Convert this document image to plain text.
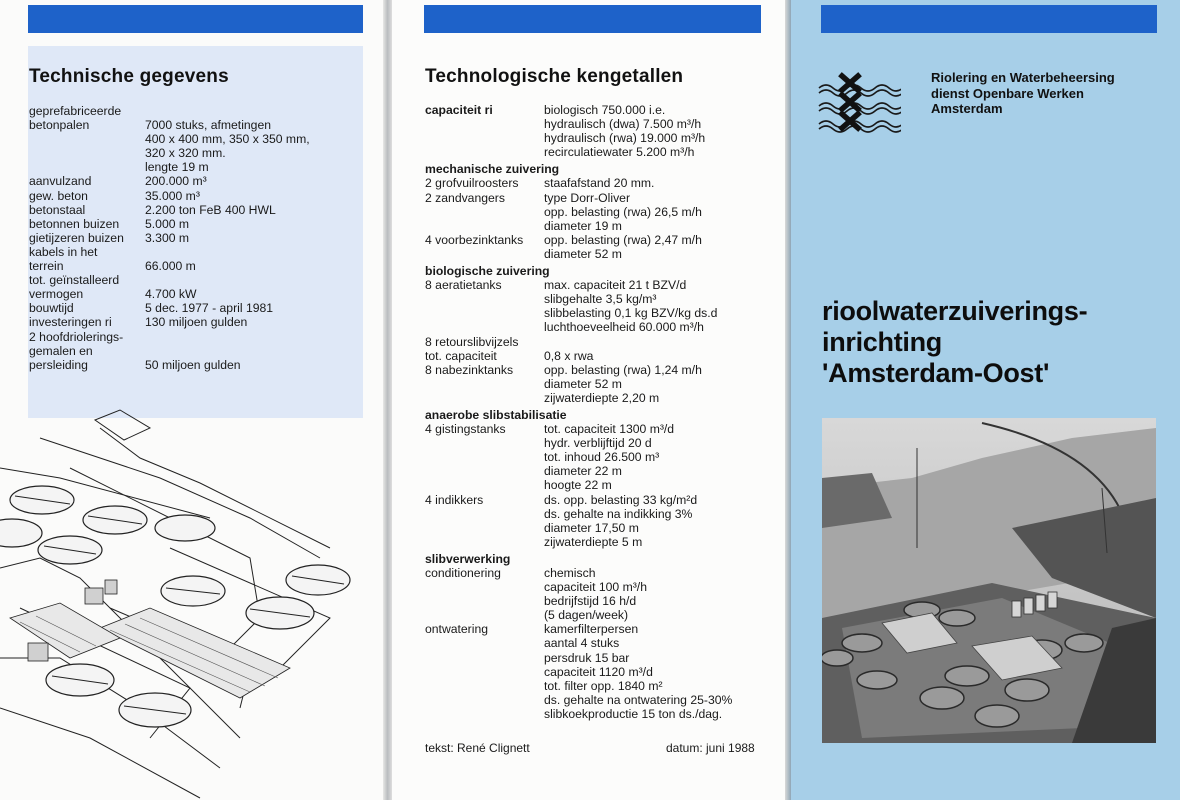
Technische gegevens
geprefabriceerde
betonpalen	7000 stuks, afmetingen
400 x 400 mm, 350 x 350 mm,
320 x 320 mm.
lengte 19 m
aanvulzand	200.000 m³
gew. beton	35.000 m³
betonstaal	2.200 ton FeB 400 HWL
betonnen buizen	5.000 m
gietijzeren buizen	3.300 m
kabels in het
terrein	66.000 m
tot. geïnstalleerd
vermogen	4.700 kW
bouwtijd	5 dec. 1977 - april 1981
investeringen ri	130 miljoen gulden
2 hoofdriolerings-
gemalen en
persleiding	50 miljoen gulden
Technologische kengetallen
capaciteit ri	biologisch 750.000 i.e.
hydraulisch (dwa) 7.500 m³/h
hydraulisch (rwa) 19.000 m³/h
recirculatiewater 5.200 m³/h
mechanische zuivering
2 grofvuilroosters	staafafstand 20 mm.
2 zandvangers	type Dorr-Oliver
opp. belasting (rwa) 26,5 m/h
diameter 19 m
4 voorbezinktanks	opp. belasting (rwa) 2,47 m/h
diameter 52 m
biologische zuivering
8 aeratietanks	max. capaciteit 21 t BZV/d
slibgehalte 3,5 kg/m³
slibbelasting 0,1 kg BZV/kg ds.d
luchthoeveelheid 60.000 m³/h
8 retourslibvijzels
tot. capaciteit	0,8 x rwa
8 nabezinktanks	opp. belasting (rwa) 1,24 m/h
diameter 52 m
zijwaterdiepte 2,20 m
anaerobe slibstabilisatie
4 gistingstanks	tot. capaciteit 1300 m³/d
hydr. verblijftijd 20 d
tot. inhoud 26.500 m³
diameter 22 m
hoogte 22 m
4 indikkers	ds. opp. belasting 33 kg/m²d
ds. gehalte na indikking 3%
diameter 17,50 m
zijwaterdiepte 5 m
slibverwerking
conditionering	chemisch
capaciteit 100 m³/h
bedrijfstijd 16 h/d
(5 dagen/week)
ontwatering	kamerfilterpersen
aantal 4 stuks
persdruk 15 bar
capaciteit 1120 m³/d
tot. filter opp. 1840 m²
ds. gehalte na ontwatering 25-30%
slibkoekproductie 15 ton ds./dag.
tekst: René Clignett	datum: juni 1988
Riolering en Waterbeheersing
dienst Openbare Werken
Amsterdam
rioolwaterzuiverings-
inrichting
'Amsterdam-Oost'
